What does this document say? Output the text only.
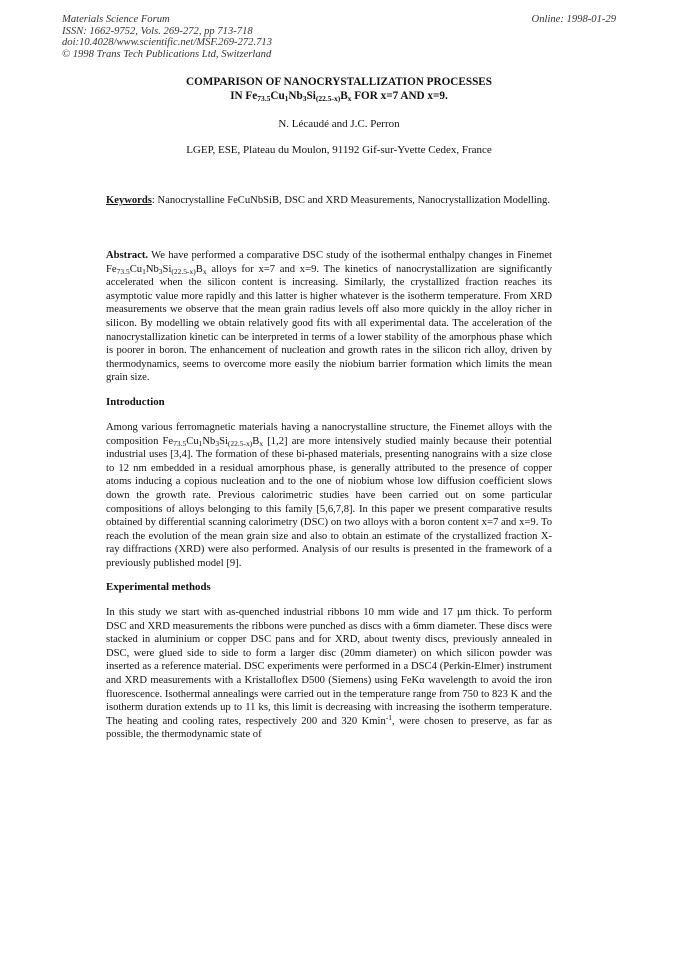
Materials Science Forum
ISSN: 1662-9752, Vols. 269-272, pp 713-718
doi:10.4028/www.scientific.net/MSF.269-272.713
© 1998 Trans Tech Publications Ltd, Switzerland
Online: 1998-01-29
COMPARISON OF NANOCRYSTALLIZATION PROCESSES
IN $Fe_{73.5}Cu_1Nb_3Si_{(22.5-x)}B_x$ FOR x=7 AND x=9.
N. Lécaudé and J.C. Perron
LGEP, ESE, Plateau du Moulon, 91192 Gif-sur-Yvette Cedex, France
Keywords: Nanocrystalline FeCuNbSiB, DSC and XRD Measurements, Nanocrystallization Modelling.
Abstract. We have performed a comparative DSC study of the isothermal enthalpy changes in Finemet $Fe_{73.5}Cu_1Nb_3Si_{(22.5-x)}B_x$ alloys for x=7 and x=9. The kinetics of nanocrystallization are significantly accelerated when the silicon content is increasing. Similarly, the crystallized fraction reaches its asymptotic value more rapidly and this latter is higher whatever is the isotherm temperature. From XRD measurements we observe that the mean grain radius levels off also more quickly in the alloy richer in silicon. By modelling we obtain relatively good fits with all experimental data. The acceleration of the nanocrystallization kinetic can be interpreted in terms of a lower stability of the amorphous phase which is poorer in boron. The enhancement of nucleation and growth rates in the silicon rich alloy, driven by thermodynamics, seems to overcome more easily the niobium barrier formation which limits the mean grain size.
Introduction
Among various ferromagnetic materials having a nanocrystalline structure, the Finemet alloys with the composition $Fe_{73.5}Cu_1Nb_3Si_{(22.5-x)}B_x$ [1,2] are more intensively studied mainly because their potential industrial uses [3,4]. The formation of these bi-phased materials, presenting nanograins with a size close to 12 nm embedded in a residual amorphous phase, is generally attributed to the presence of copper atoms inducing a copious nucleation and to the one of niobium whose low diffusion coefficient slows down the growth rate. Previous calorimetric studies have been carried out on some particular compositions of alloys belonging to this family [5,6,7,8]. In this paper we present comparative results obtained by differential scanning calorimetry (DSC) on two alloys with a boron content x=7 and x=9. To reach the evolution of the mean grain size and also to obtain an estimate of the crystallized fraction X-ray diffractions (XRD) were also performed. Analysis of our results is presented in the framework of a previously published model [9].
Experimental methods
In this study we start with as-quenched industrial ribbons 10 mm wide and 17 µm thick. To perform DSC and XRD measurements the ribbons were punched as discs with a 6mm diameter. These discs were stacked in aluminium or copper DSC pans and for XRD, about twenty discs, previously annealed in DSC, were glued side to side to form a larger disc (20mm diameter) on which silicon powder was inserted as a reference material. DSC experiments were performed in a DSC4 (Perkin-Elmer) instrument and XRD measurements with a Kristalloflex D500 (Siemens) using FeKα wavelength to avoid the iron fluorescence. Isothermal annealings were carried out in the temperature range from 750 to 823 K and the isotherm duration extends up to 11 ks, this limit is decreasing with increasing the isotherm temperature. The heating and cooling rates, respectively 200 and 320 Kmin$^{-1}$, were chosen to preserve, as far as possible, the thermodynamic state of
